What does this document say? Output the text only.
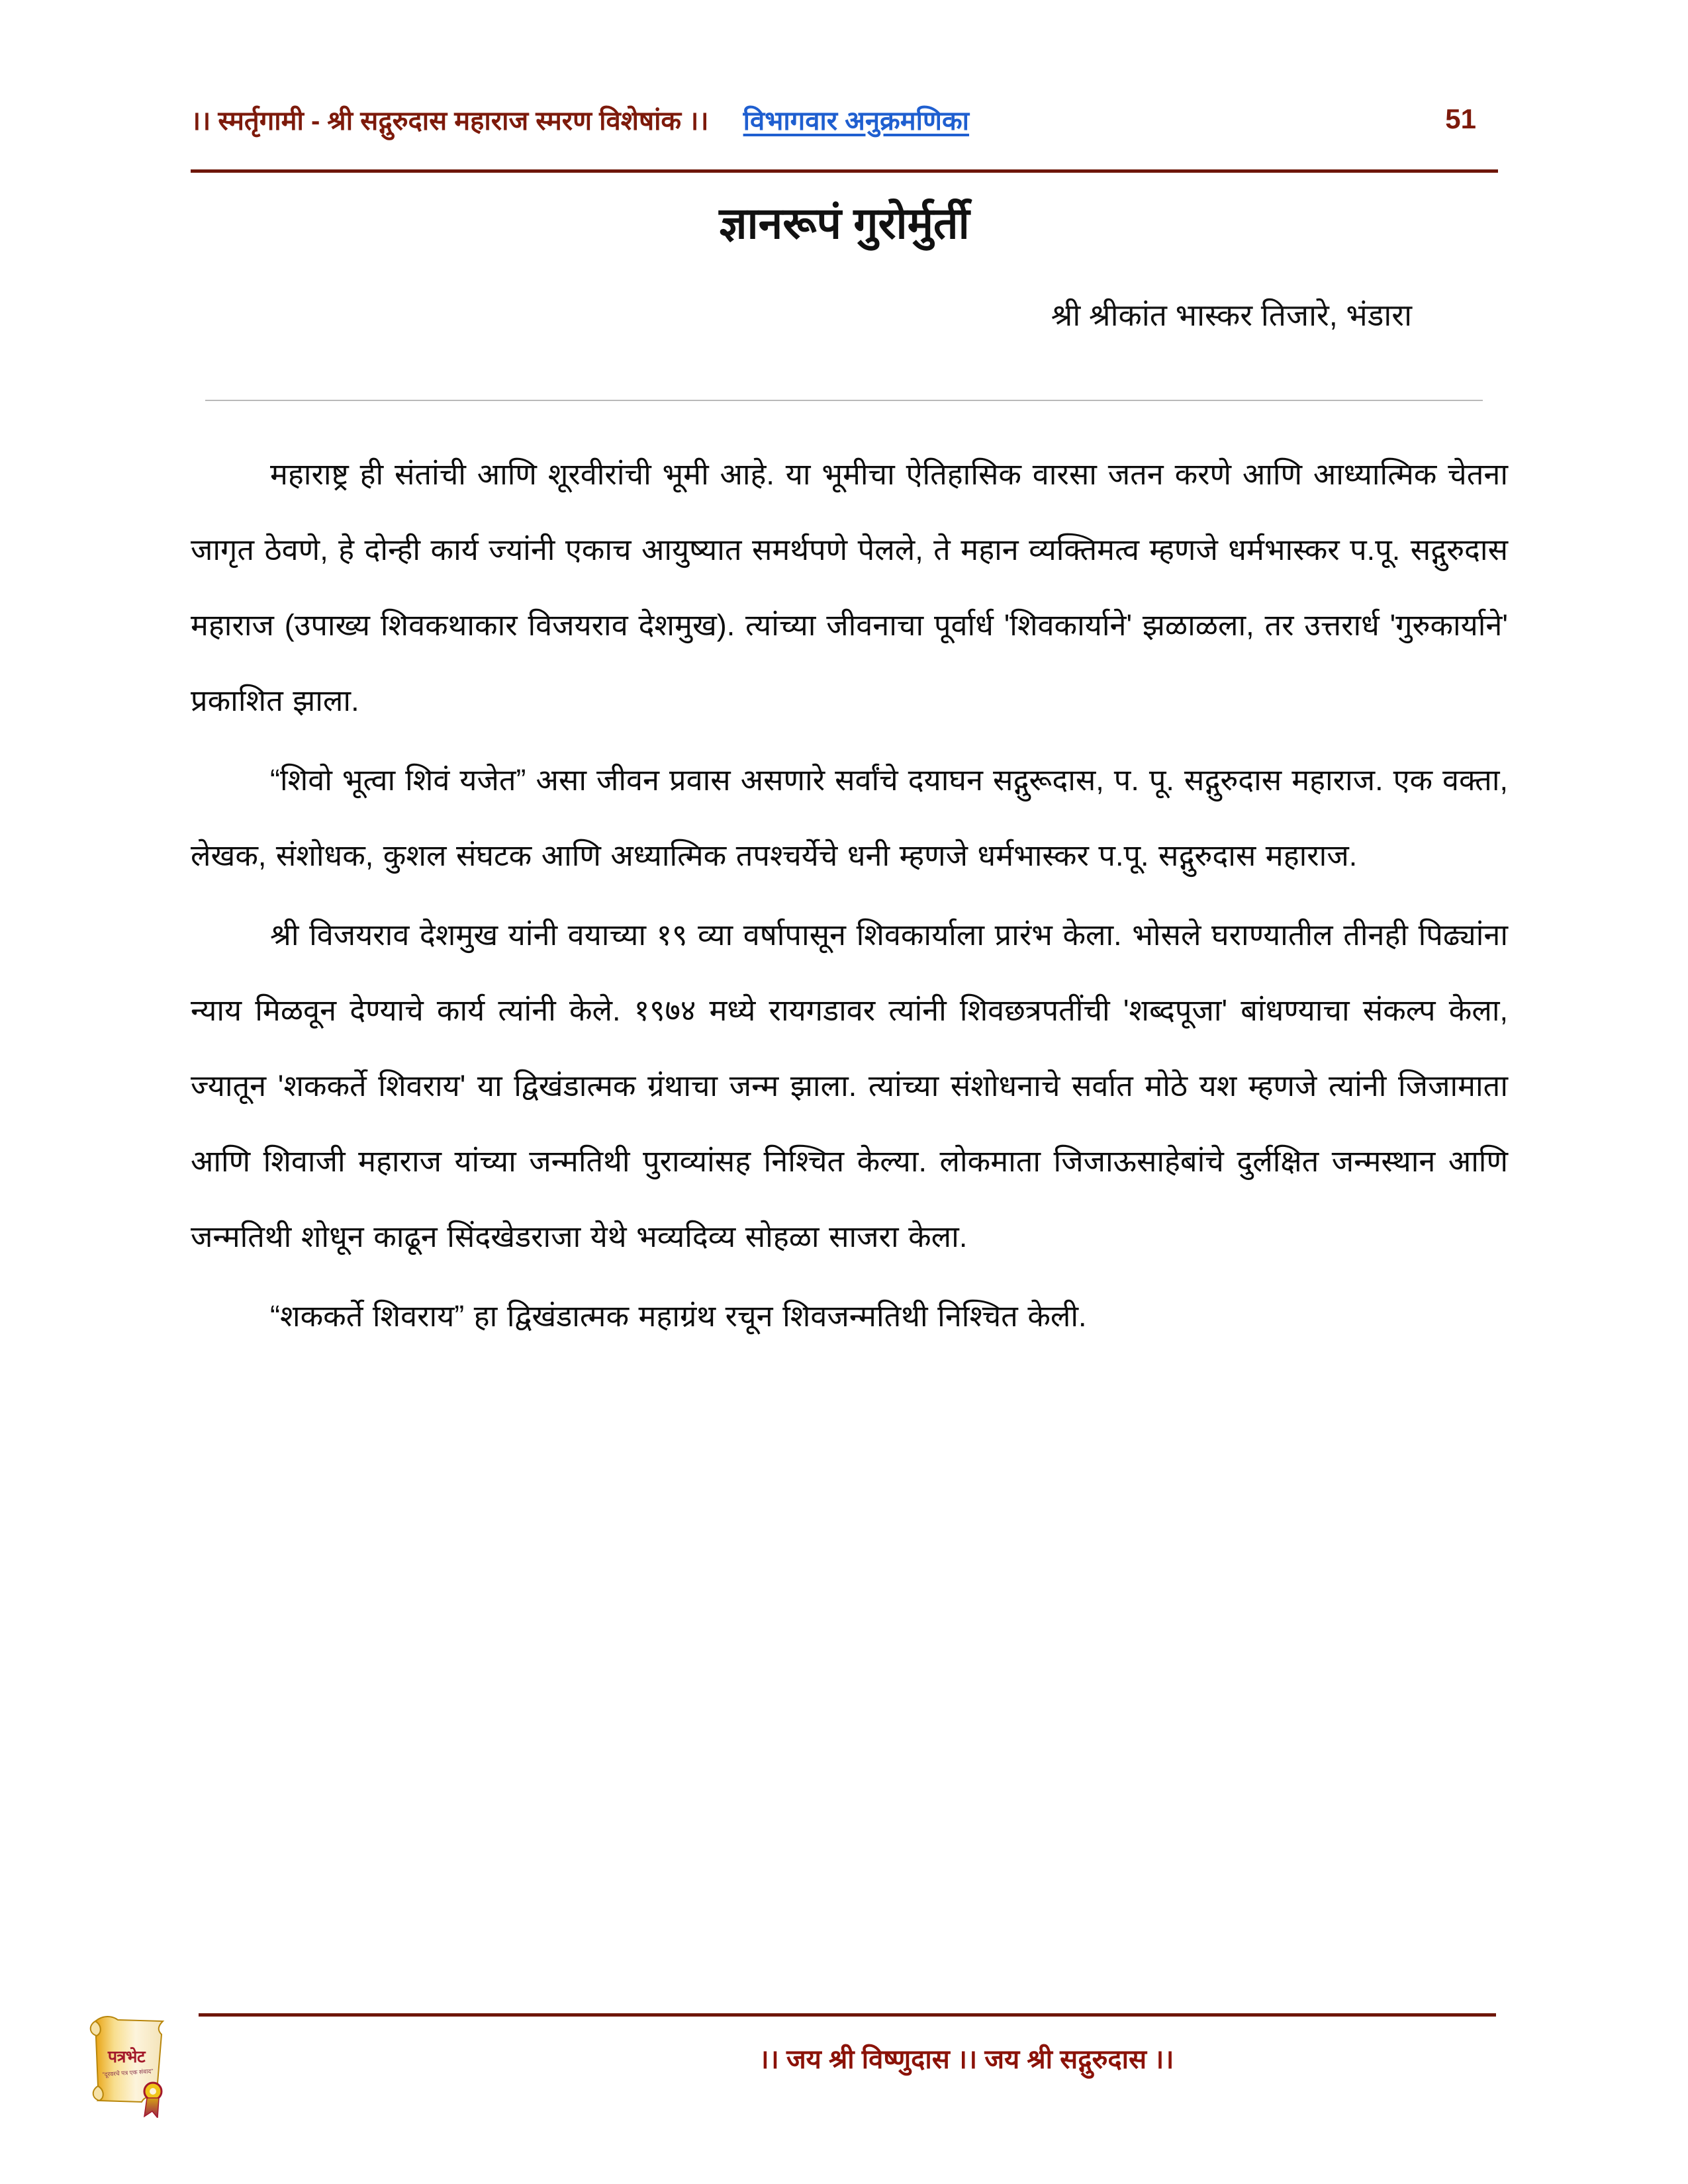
।। स्मर्तृगामी - श्री सद्गुरुदास महाराज स्मरण विशेषांक ।। विभागवार अनुक्रमणिका	51
ज्ञानरूपं गुरोर्मुर्ती
श्री श्रीकांत भास्कर तिजारे, भंडारा

महाराष्ट्र ही संतांची आणि शूरवीरांची भूमी आहे. या भूमीचा ऐतिहासिक वारसा जतन करणे आणि आध्यात्मिक चेतना जागृत ठेवणे, हे दोन्ही कार्य ज्यांनी एकाच आयुष्यात समर्थपणे पेलले, ते महान व्यक्तिमत्व म्हणजे धर्मभास्कर प.पू. सद्गुरुदास महाराज (उपाख्य शिवकथाकार विजयराव देशमुख). त्यांच्या जीवनाचा पूर्वार्ध 'शिवकार्याने' झळाळला, तर उत्तरार्ध 'गुरुकार्याने' प्रकाशित झाला.

“शिवो भूत्वा शिवं यजेत” असा जीवन प्रवास असणारे सर्वांचे दयाघन सद्गुरूदास, प. पू. सद्गुरुदास महाराज. एक वक्ता, लेखक, संशोधक, कुशल संघटक आणि अध्यात्मिक तपश्चर्येचे धनी म्हणजे धर्मभास्कर प.पू. सद्गुरुदास महाराज.

श्री विजयराव देशमुख यांनी वयाच्या १९ व्या वर्षापासून शिवकार्याला प्रारंभ केला. भोसले घराण्यातील तीनही पिढ्यांना न्याय मिळवून देण्याचे कार्य त्यांनी केले. १९७४ मध्ये रायगडावर त्यांनी शिवछत्रपतींची 'शब्दपूजा' बांधण्याचा संकल्प केला, ज्यातून 'शककर्ते शिवराय' या द्विखंडात्मक ग्रंथाचा जन्म झाला. त्यांच्या संशोधनाचे सर्वात मोठे यश म्हणजे त्यांनी जिजामाता आणि शिवाजी महाराज यांच्या जन्मतिथी पुराव्यांसह निश्चित केल्या. लोकमाता जिजाऊसाहेबांचे दुर्लक्षित जन्मस्थान आणि जन्मतिथी शोधून काढून सिंदखेडराजा येथे भव्यदिव्य सोहळा साजरा केला.

“शककर्ते शिवराय” हा द्विखंडात्मक महाग्रंथ रचून शिवजन्मतिथी निश्चित केली.

।। जय श्री विष्णुदास ।। जय श्री सद्गुरुदास ।।
पत्रभेट
"दूरवरचे पत्र एक संवाद"
